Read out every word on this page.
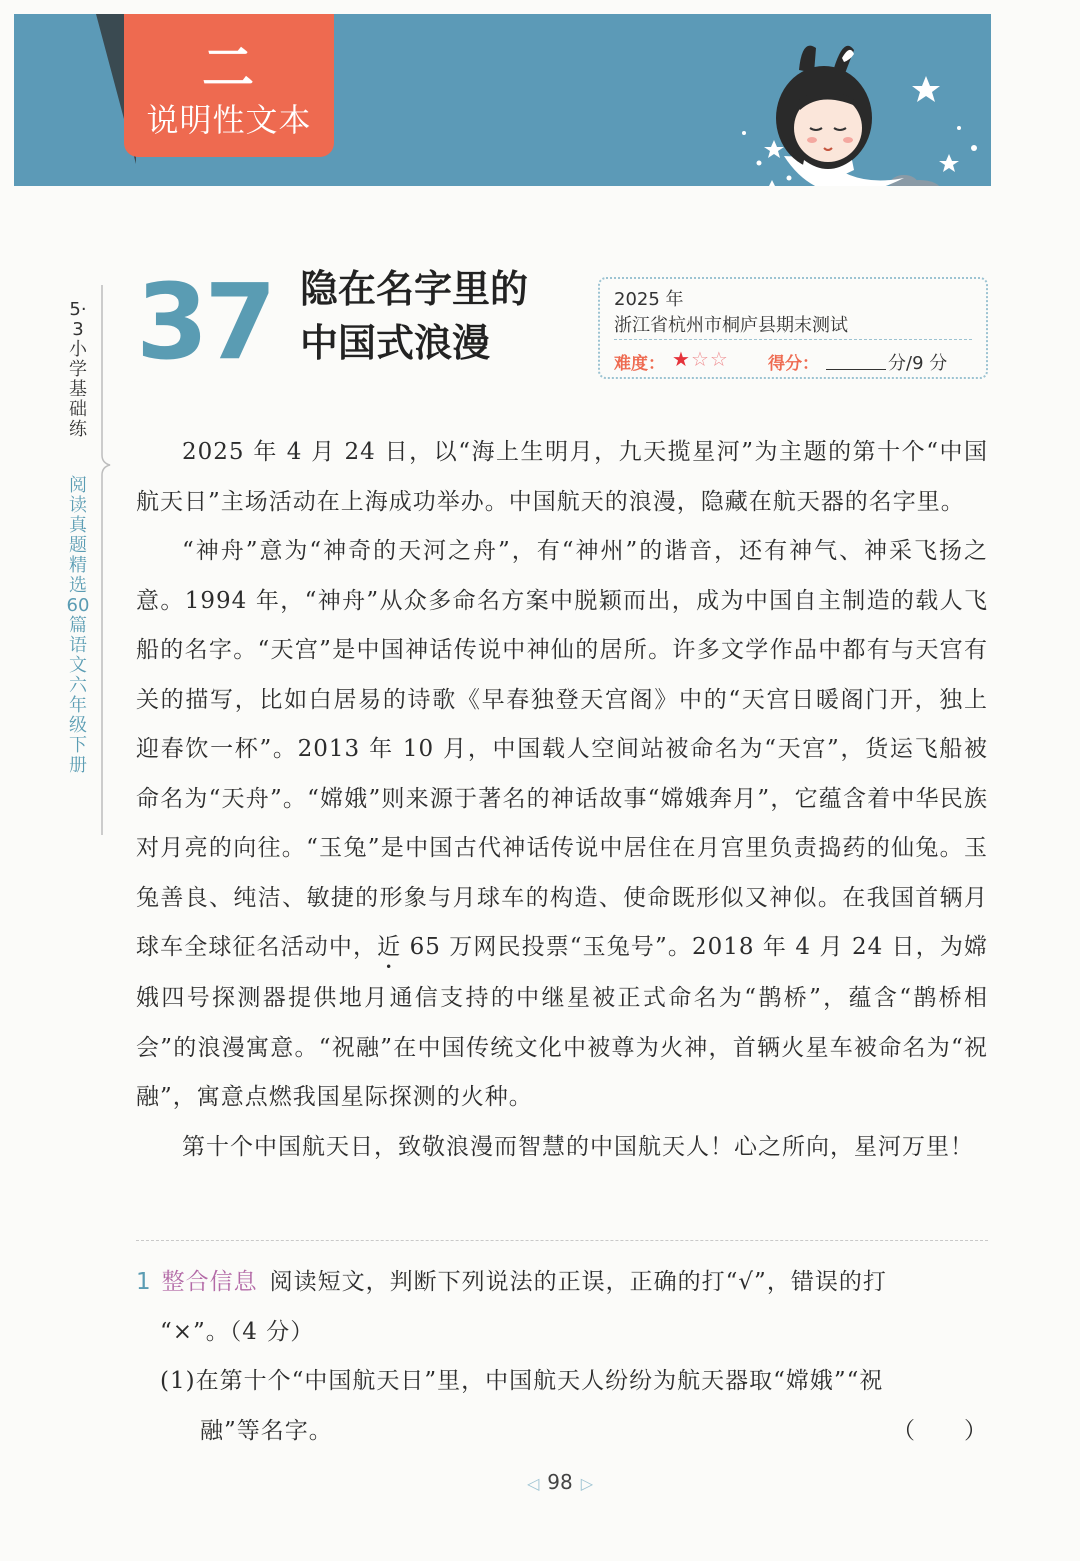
二
说明性文本
5·3小学基础练
阅读真题精选60篇 语文 六年级下册
37 隐在名字里的
中国式浪漫
2025 年
浙江省杭州市桐庐县期末测试
难度： ★☆☆ 得分：	分/9 分

2025 年 4 月 24 日，以“海上生明月，九天揽星河”为主题的第十个“中国航天日”主场活动在上海成功举办。中国航天的浪漫，隐藏在航天器的名字里。

“神舟”意为“神奇的天河之舟”，有“神州”的谐音，还有神气、神采飞扬之意。1994 年，“神舟”从众多命名方案中脱颖而出，成为中国自主制造的载人飞船的名字。“天宫”是中国神话传说中神仙的居所。许多文学作品中都有与天宫有关的描写，比如白居易的诗歌《早春独登天宫阁》中的“天宫日暖阁门开，独上迎春饮一杯”。2013 年 10 月，中国载人空间站被命名为“天宫”，货运飞船被命名为“天舟”。“嫦娥”则来源于著名的神话故事“嫦娥奔月”，它蕴含着中华民族对月亮的向往。“玉兔”是中国古代神话传说中居住在月宫里负责捣药的仙兔。玉兔善良、纯洁、敏捷的形象与月球车的构造、使命既形似又神似。在我国首辆月球车全球征名活动中，近 65 万网民投票“玉兔号”。2018 年 4 月 24 日，为嫦娥四号探测器提供地月通信支持的中继星被正式命名为“鹊桥”，蕴含“鹊桥相会”的浪漫寓意。“祝融”在中国传统文化中被尊为火神，首辆火星车被命名为“祝融”，寓意点燃我国星际探测的火种。

第十个中国航天日，致敬浪漫而智慧的中国航天人！心之所向，星河万里！

1 整合信息 阅读短文，判断下列说法的正误，正确的打“√”，错误的打
“×”。（4 分）
(1)在第十个“中国航天日”里，中国航天人纷纷为航天器取“嫦娥”“祝
融”等名字。	（　　）
◁ 98 ▷
